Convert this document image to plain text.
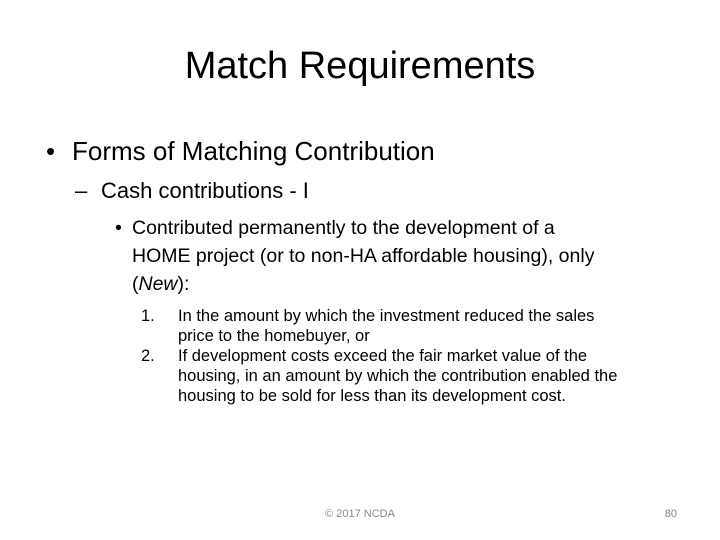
Match Requirements
• Forms of Matching Contribution
– Cash contributions - I
• Contributed permanently to the development of a
HOME project (or to non-HA affordable housing), only
(New):
1. In the amount by which the investment reduced the sales
price to the homebuyer, or
2. If development costs exceed the fair market value of the
housing, in an amount by which the contribution enabled the
housing to be sold for less than its development cost.
© 2017 NCDA	80
